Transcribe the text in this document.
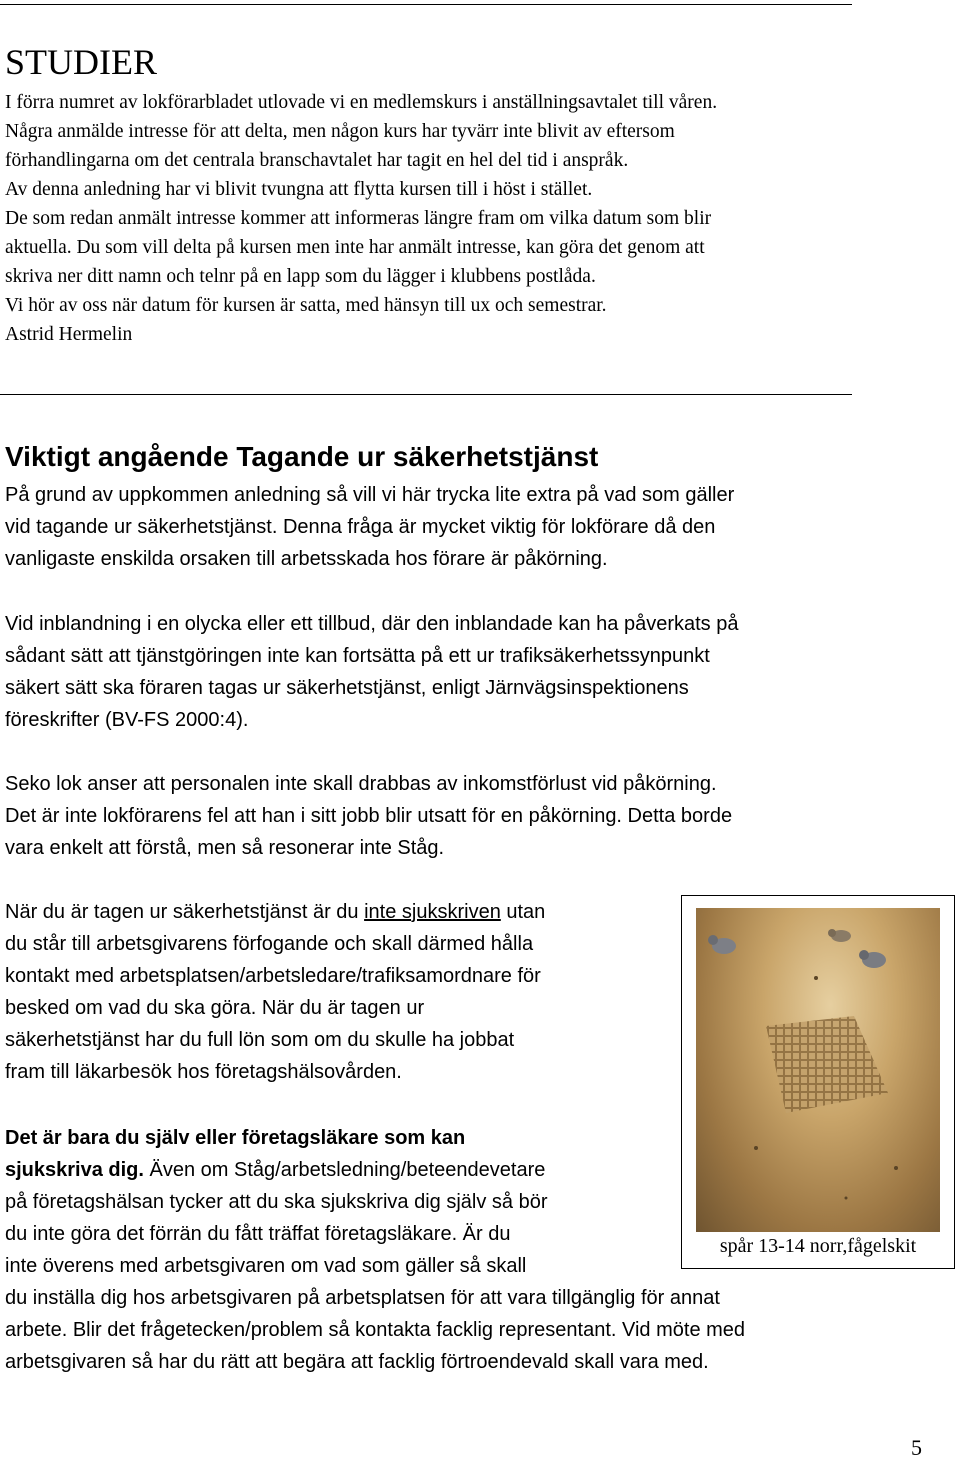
STUDIER

I förra numret av lokförarbladet utlovade vi en medlemskurs i anställningsavtalet till våren.

Några anmälde intresse för att delta, men någon kurs har tyvärr inte blivit av eftersom

förhandlingarna om det centrala branschavtalet har tagit en hel del tid i anspråk.

Av denna anledning har vi blivit tvungna att flytta kursen till i höst i stället.

De som redan anmält intresse kommer att informeras längre fram om vilka datum som blir

aktuella. Du som vill delta på kursen men inte har anmält intresse, kan göra det genom att

skriva ner ditt namn och telnr på en lapp som du lägger i klubbens postlåda.

Vi hör av oss när datum för kursen är satta, med hänsyn till ux och semestrar.

Astrid Hermelin

Viktigt angående Tagande ur säkerhetstjänst
På grund av uppkommen anledning så vill vi här trycka lite extra på vad som gäller
vid tagande ur säkerhetstjänst. Denna fråga är mycket viktig för lokförare då den
vanligaste enskilda orsaken till arbetsskada hos förare är påkörning.
Vid inblandning i en olycka eller ett tillbud, där den inblandade kan ha påverkats på
sådant sätt att tjänstgöringen inte kan fortsätta på ett ur trafiksäkerhetssynpunkt
säkert sätt ska föraren tagas ur säkerhetstjänst, enligt Järnvägsinspektionens
föreskrifter (BV-FS 2000:4).
Seko lok anser att personalen inte skall drabbas av inkomstförlust vid påkörning.
Det är inte lokförarens fel att han i sitt jobb blir utsatt för en påkörning. Detta borde
vara enkelt att förstå, men så resonerar inte Ståg.
När du är tagen ur säkerhetstjänst är du inte sjukskriven utan
du står till arbetsgivarens förfogande och skall därmed hålla
kontakt med arbetsplatsen/arbetsledare/trafiksamordnare för
besked om vad du ska göra. När du är tagen ur
säkerhetstjänst har du full lön som om du skulle ha jobbat
fram till läkarbesök hos företagshälsovården.
Det är bara du själv eller företagsläkare som kan
sjukskriva dig. Även om Ståg/arbetsledning/beteendevetare
på företagshälsan tycker att du ska sjukskriva dig själv så bör
du inte göra det förrän du fått träffat företagsläkare. Är du
inte överens med arbetsgivaren om vad som gäller så skall
du inställa dig hos arbetsgivaren på arbetsplatsen för att vara tillgänglig för annat
arbete. Blir det frågetecken/problem så kontakta facklig representant. Vid möte med
arbetsgivaren så har du rätt att begära att facklig förtroendevald skall vara med.
spår 13-14 norr,fågelskit
5
